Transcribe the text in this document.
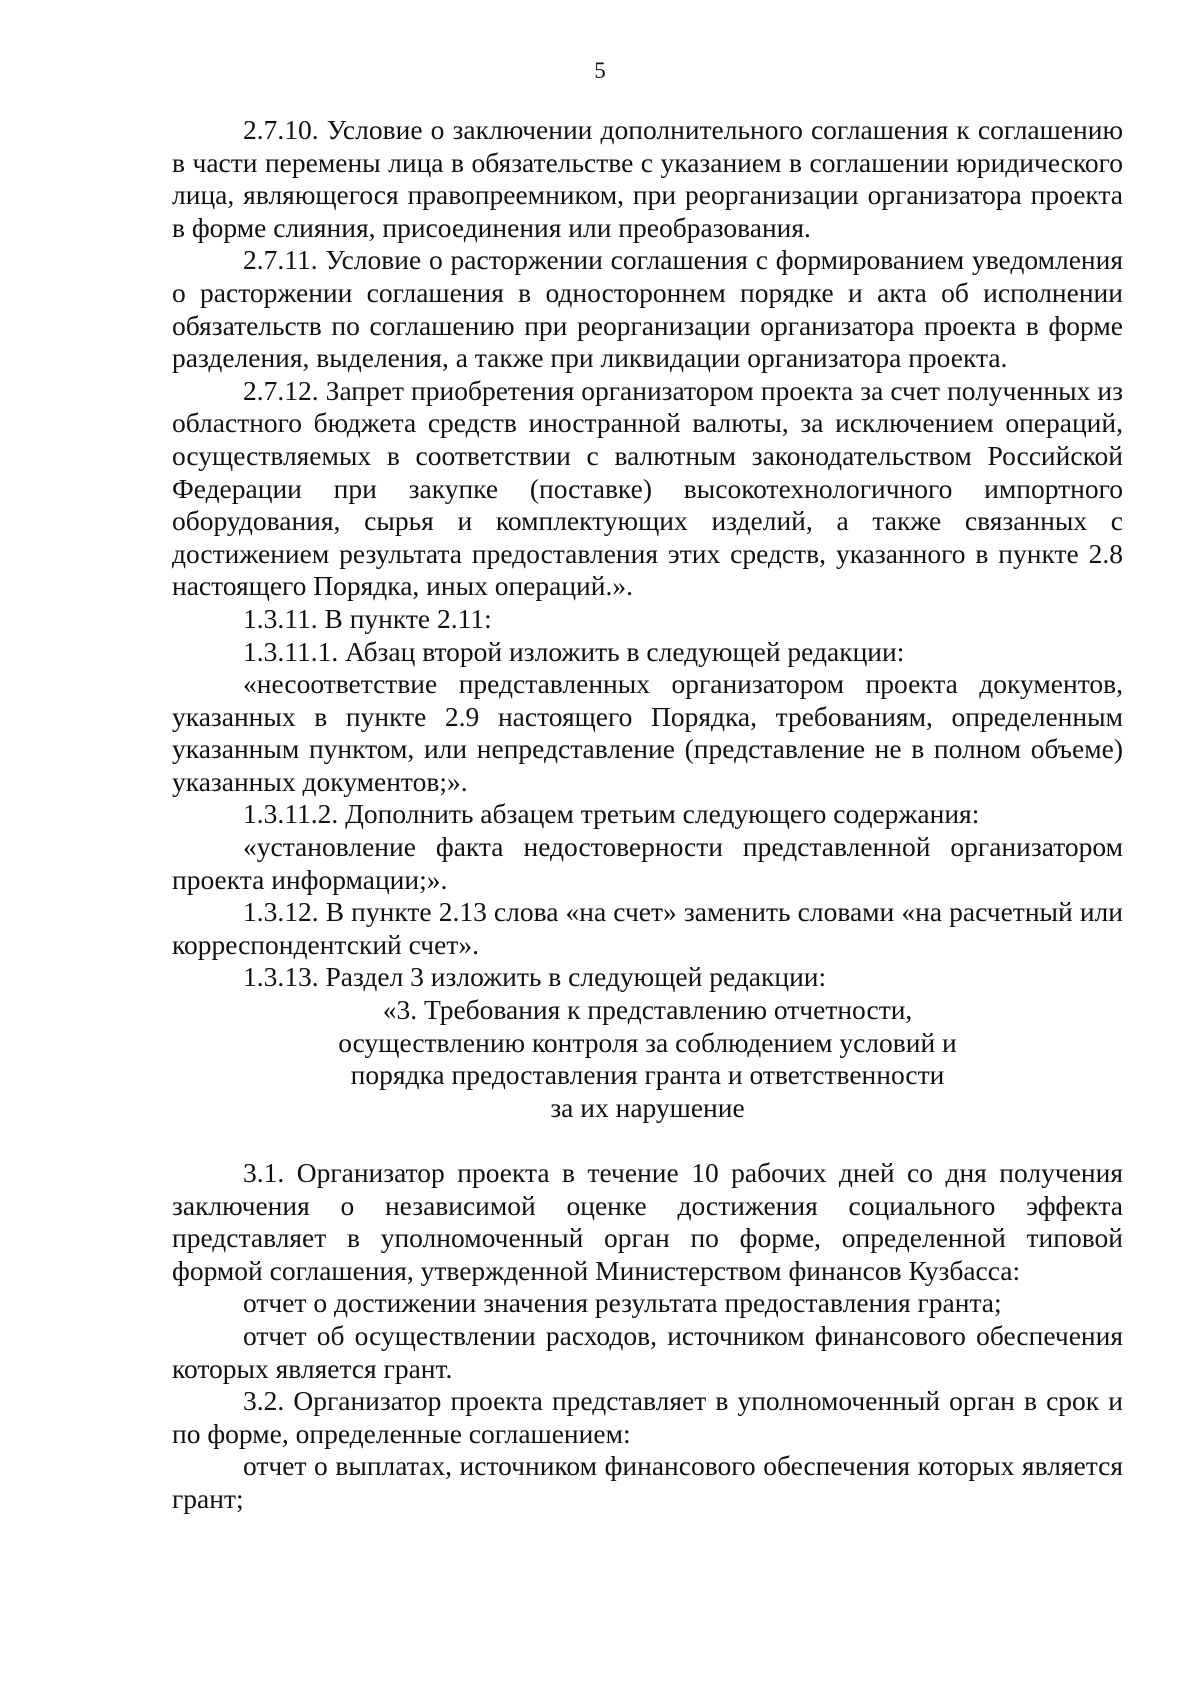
5

2.7.10. Условие о заключении дополнительного соглашения к соглашению в части перемены лица в обязательстве с указанием в соглашении юридического лица, являющегося правопреемником, при реорганизации организатора проекта в форме слияния, присоединения или преобразования.

2.7.11. Условие о расторжении соглашения с формированием уведомления о расторжении соглашения в одностороннем порядке и акта об исполнении обязательств по соглашению при реорганизации организатора проекта в форме разделения, выделения, а также при ликвидации организатора проекта.

2.7.12. Запрет приобретения организатором проекта за счет полученных из областного бюджета средств иностранной валюты, за исключением операций, осуществляемых в соответствии с валютным законодательством Российской Федерации при закупке (поставке) высокотехнологичного импортного оборудования, сырья и комплектующих изделий, а также связанных с достижением результата предоставления этих средств, указанного в пункте 2.8 настоящего Порядка, иных операций.».

1.3.11. В пункте 2.11:

1.3.11.1. Абзац второй изложить в следующей редакции:

«несоответствие представленных организатором проекта документов, указанных в пункте 2.9 настоящего Порядка, требованиям, определенным указанным пунктом, или непредставление (представление не в полном объеме) указанных документов;».

1.3.11.2. Дополнить абзацем третьим следующего содержания:

«установление факта недостоверности представленной организатором проекта информации;».

1.3.12. В пункте 2.13 слова «на счет» заменить словами «на расчетный или корреспондентский счет».

1.3.13. Раздел 3 изложить в следующей редакции:

«3. Требования к представлению отчетности,

осуществлению контроля за соблюдением условий и

порядка предоставления гранта и ответственности

за их нарушение

3.1. Организатор проекта в течение 10 рабочих дней со дня получения заключения о независимой оценке достижения социального эффекта представляет в уполномоченный орган по форме, определенной типовой формой соглашения, утвержденной Министерством финансов Кузбасса:

отчет о достижении значения результата предоставления гранта;

отчет об осуществлении расходов, источником финансового обеспечения которых является грант.

3.2. Организатор проекта представляет в уполномоченный орган в срок и по форме, определенные соглашением:

отчет о выплатах, источником финансового обеспечения которых является грант;
